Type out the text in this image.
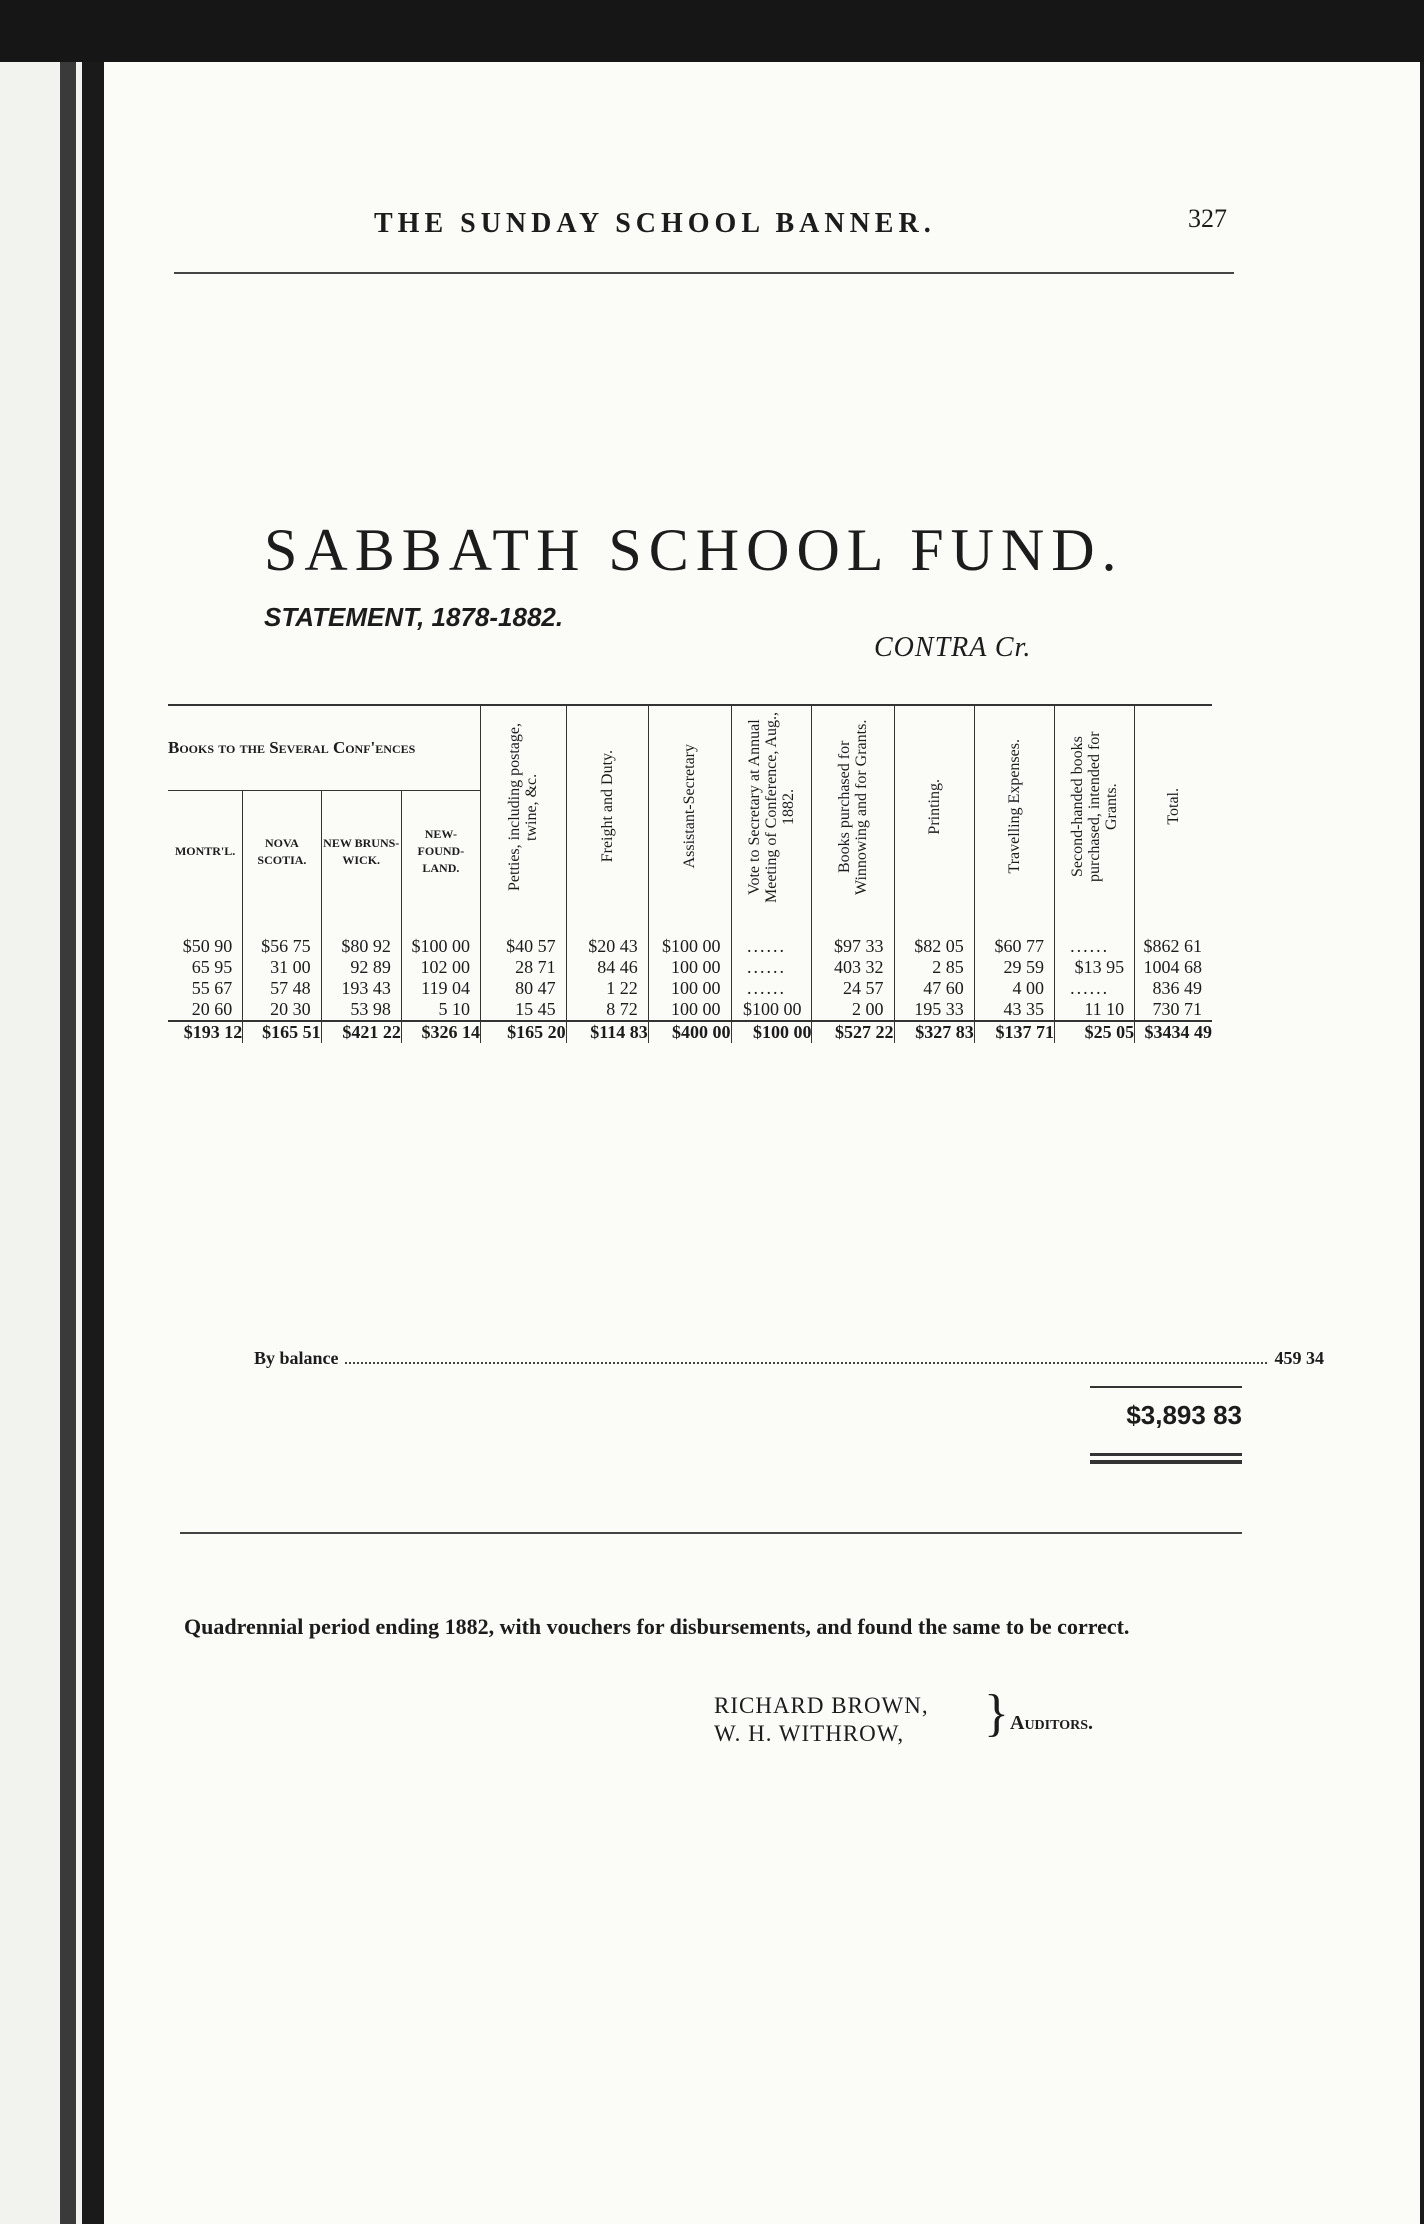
THE SUNDAY SCHOOL BANNER.	327
SABBATH SCHOOL FUND.
STATEMENT, 1878-1882.
CONTRA Cr.
Books to the Several Conf'ences				Petties, including postage, twine, &c.	Freight and Duty.	Assistant-Secretary	Vote to Secretary at Annual Meeting of Conference, Aug., 1882.	Books purchased for Winnowing and for Grants.	Printing.	Travelling Expenses.	Second-handed books purchased, intended for Grants.	Total.
MONTR'L.	NOVA SCOTIA.	NEW BRUNS-WICK.	NEW-FOUND-LAND.									
$50 90	$56 75	$80 92	$100 00	$40 57	$20 43	$100 00	......	$97 33	$82 05	$60 77	......	$862 61
65 95	31 00	92 89	102 00	28 71	84 46	100 00	......	403 32	2 85	29 59	$13 95	1004 68
55 67	57 48	193 43	119 04	80 47	1 22	100 00	......	24 57	47 60	4 00	......	836 49
20 60	20 30	53 98	5 10	15 45	8 72	100 00	$100 00	2 00	195 33	43 35	11 10	730 71
$193 12	$165 51	$421 22	$326 14	$165 20	$114 83	$400 00	$100 00	$527 22	$327 83	$137 71	$25 05	$3434 49
By balance	459 34
$3,893 83
Quadrennial period ending 1882, with vouchers for disbursements, and found the same to be correct.
RICHARD BROWN,
W. H. WITHROW,	} Auditors.
